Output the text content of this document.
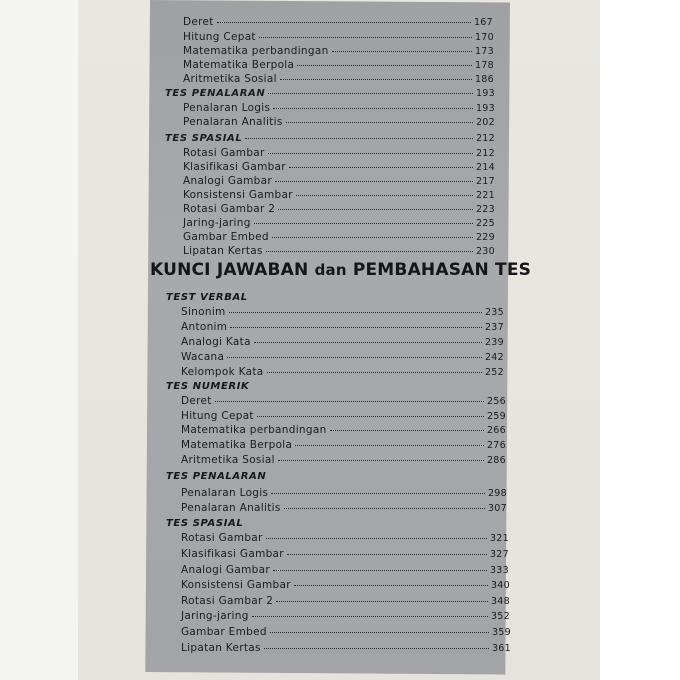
Deret	167
Hitung Cepat	170
Matematika perbandingan	173
Matematika Berpola	178
Aritmetika Sosial	186
TES PENALARAN	193
Penalaran Logis	193
Penalaran Analitis	202
TES SPASIAL	212
Rotasi Gambar	212
Klasifikasi Gambar	214
Analogi Gambar	217
Konsistensi Gambar	221
Rotasi Gambar 2	223
Jaring-jaring	225
Gambar Embed	229
Lipatan Kertas	230
KUNCI JAWABAN dan PEMBAHASAN TES
TEST VERBAL
Sinonim	235
Antonim	237
Analogi Kata	239
Wacana	242
Kelompok Kata	252
TES NUMERIK
Deret	256
Hitung Cepat	259
Matematika perbandingan	266
Matematika Berpola	276
Aritmetika Sosial	286
TES PENALARAN
Penalaran Logis	298
Penalaran Analitis	307
TES SPASIAL
Rotasi Gambar	321
Klasifikasi Gambar	327
Analogi Gambar	333
Konsistensi Gambar	340
Rotasi Gambar 2	348
Jaring-jaring	352
Gambar Embed	359
Lipatan Kertas	361
